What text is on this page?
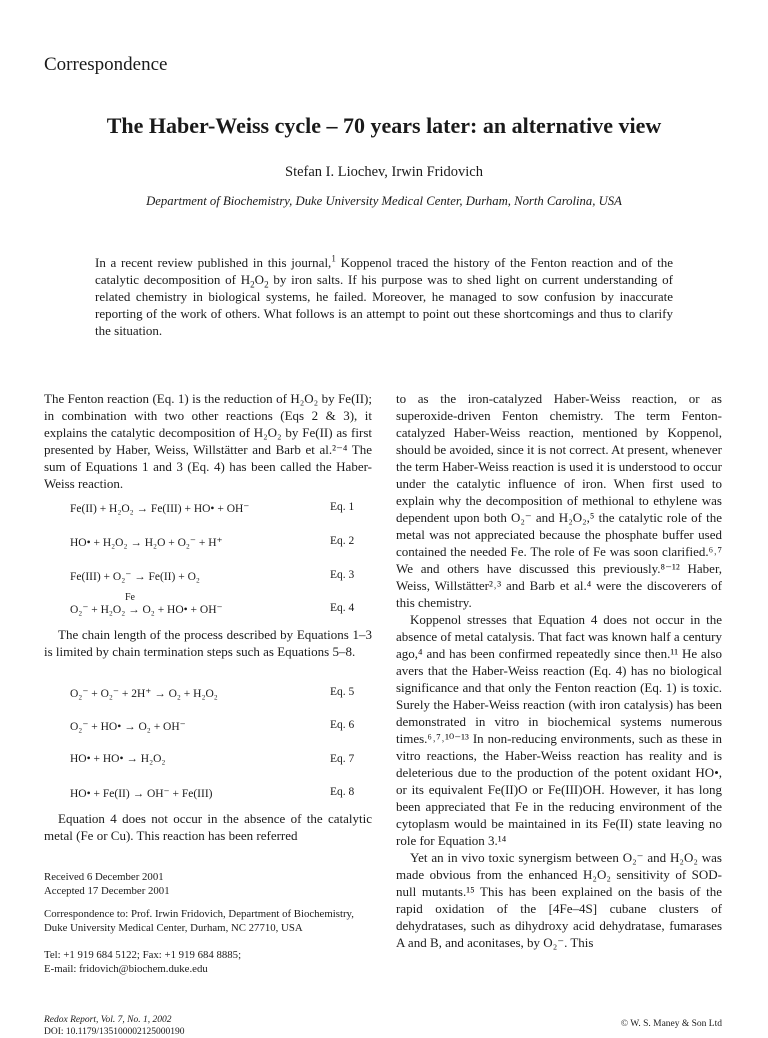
Correspondence
The Haber-Weiss cycle – 70 years later: an alternative view
Stefan I. Liochev, Irwin Fridovich
Department of Biochemistry, Duke University Medical Center, Durham, North Carolina, USA
In a recent review published in this journal,$^1$ Koppenol traced the history of the Fenton reaction and of the catalytic decomposition of $H_2O_2$ by iron salts. If his purpose was to shed light on current understanding of related chemistry in biological systems, he failed. Moreover, he managed to sow confusion by inaccurate reporting of the work of others. What follows is an attempt to point out these shortcomings and thus to clarify the situation.

The Fenton reaction (Eq. 1) is the reduction of H₂O₂ by Fe(II); in combination with two other reactions (Eqs 2 & 3), it explains the catalytic decomposition of H₂O₂ by Fe(II) as first presented by Haber, Weiss, Willstätter and Barb et al.²⁻⁴ The sum of Equations 1 and 3 (Eq. 4) has been called the Haber-Weiss reaction.

Fe(II) + H₂O₂ → Fe(III) + HO• + OH⁻	Eq. 1
HO• + H₂O₂ → H₂O + O₂⁻ + H⁺	Eq. 2
Fe(III) + O₂⁻ → Fe(II) + O₂	Eq. 3
Fe
O₂⁻ + H₂O₂ → O₂ + HO• + OH⁻	Eq. 4
The chain length of the process described by Equations 1–3 is limited by chain termination steps such as Equations 5–8.
O₂⁻ + O₂⁻ + 2H⁺ → O₂ + H₂O₂	Eq. 5
O₂⁻ + HO• → O₂ + OH⁻	Eq. 6
HO• + HO• → H₂O₂	Eq. 7
HO• + Fe(II) → OH⁻ + Fe(III)	Eq. 8
Equation 4 does not occur in the absence of the catalytic metal (Fe or Cu). This reaction has been referred
Received 6 December 2001
Accepted 17 December 2001
Correspondence to: Prof. Irwin Fridovich, Department of Biochemistry, Duke University Medical Center, Durham, NC 27710, USA
Tel: +1 919 684 5122; Fax: +1 919 684 8885;
E-mail: fridovich@biochem.duke.edu
Redox Report, Vol. 7, No. 1, 2002
DOI: 10.1179/135100002125000190

to as the iron-catalyzed Haber-Weiss reaction, or as superoxide-driven Fenton chemistry. The term Fenton-catalyzed Haber-Weiss reaction, mentioned by Koppenol, should be avoided, since it is not correct. At present, whenever the term Haber-Weiss reaction is used it is understood to occur under the catalytic influence of iron. When first used to explain why the decomposition of methional to ethylene was dependent upon both O₂⁻ and H₂O₂,⁵ the catalytic role of the metal was not appreciated because the phosphate buffer used contained the needed Fe. The role of Fe was soon clarified.⁶˒⁷ We and others have discussed this previously.⁸⁻¹² Haber, Weiss, Willstätter²˒³ and Barb et al.⁴ were the discoverers of this chemistry.

Koppenol stresses that Equation 4 does not occur in the absence of metal catalysis. That fact was known half a century ago,⁴ and has been confirmed repeatedly since then.¹¹ He also avers that the Haber-Weiss reaction (Eq. 4) has no biological significance and that only the Fenton reaction (Eq. 1) is toxic. Surely the Haber-Weiss reaction (with iron catalysis) has been demonstrated in vitro in biochemical systems numerous times.⁶˒⁷˒¹⁰⁻¹³ In non-reducing environments, such as these in vitro reactions, the Haber-Weiss reaction has reality and is deleterious due to the production of the potent oxidant HO•, or its equivalent Fe(II)O or Fe(III)OH. However, it has long been appreciated that Fe in the reducing environment of the cytoplasm would be maintained in its Fe(II) state leaving no role for Equation 3.¹⁴

Yet an in vivo toxic synergism between O₂⁻ and H₂O₂ was made obvious from the enhanced H₂O₂ sensitivity of SOD-null mutants.¹⁵ This has been explained on the basis of the rapid oxidation of the [4Fe–4S] cubane clusters of dehydratases, such as dihydroxy acid dehydratase, fumarases A and B, and aconitases, by O₂⁻. This

© W. S. Maney & Son Ltd
